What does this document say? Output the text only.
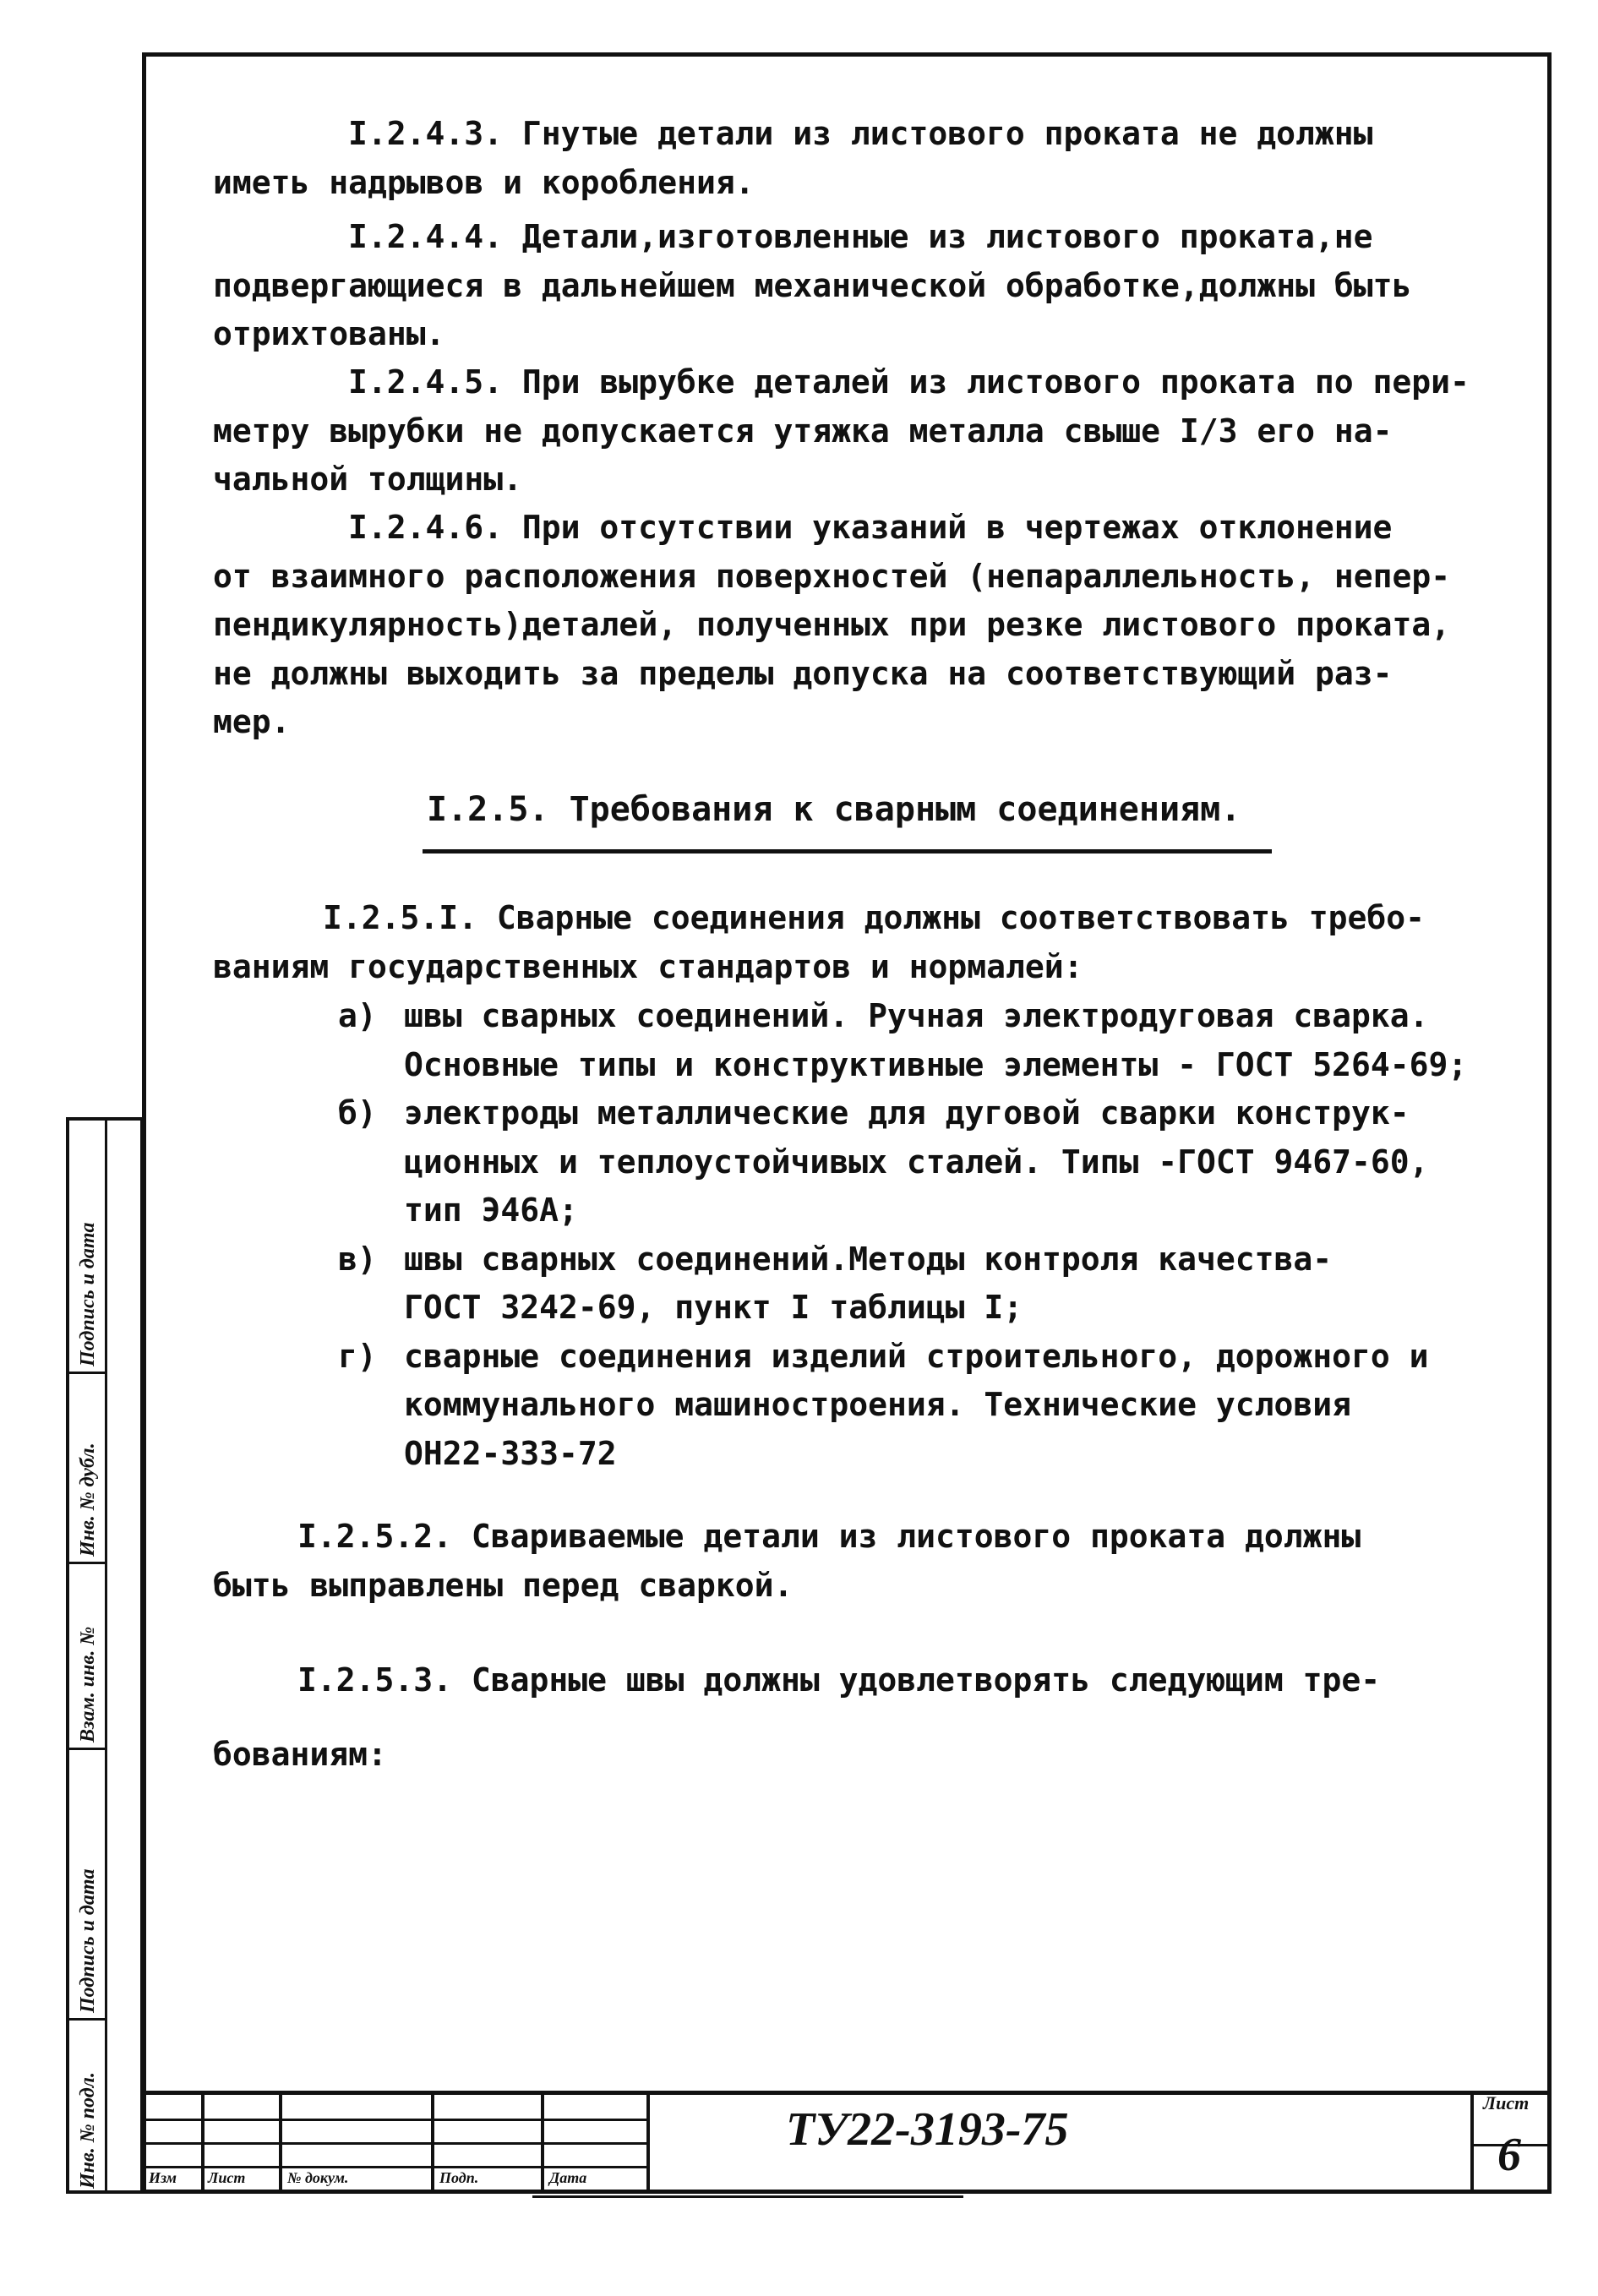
Подпись и дата
Инв. № дубл.
Взам. инв. №
Подпись и дата
Инв. № подл.
I.2.4.3. Гнутые детали из листового проката не должны
иметь надрывов и коробления.
I.2.4.4. Детали,изготовленные из листового проката,не
подвергающиеся в дальнейшем механической обработке,должны быть
отрихтованы.
I.2.4.5. При вырубке деталей из листового проката по пери-
метру вырубки не допускается утяжка металла свыше I/3 его на-
чальной толщины.
I.2.4.6. При отсутствии указаний в чертежах отклонение
от взаимного расположения поверхностей (непараллельность, непер-
пендикулярность)деталей, полученных при резке листового проката,
не должны выходить за пределы допуска на соответствующий раз-
мер.
I.2.5. Требования к сварным соединениям.
I.2.5.I. Сварные соединения должны соответствовать требо-
ваниям государственных стандартов и нормалей:
а) швы сварных соединений. Ручная электродуговая сварка.
Основные типы и конструктивные элементы - ГОСТ 5264-69;
б) электроды металлические для дуговой сварки конструк-
ционных и теплоустойчивых сталей. Типы -ГОСТ 9467-60,
тип Э46А;
в) швы сварных соединений.Методы контроля качества-
ГОСТ 3242-69, пункт I таблицы I;
г) сварные соединения изделий строительного, дорожного и
коммунального машиностроения. Технические условия
ОН22-333-72
I.2.5.2. Свариваемые детали из листового проката должны
быть выправлены перед сваркой.
I.2.5.3. Сварные швы должны удовлетворять следующим тре-
бованиям:
Изм Лист	№ докум.	Подп.	Дата
ТУ22-3193-75
Лист
6
